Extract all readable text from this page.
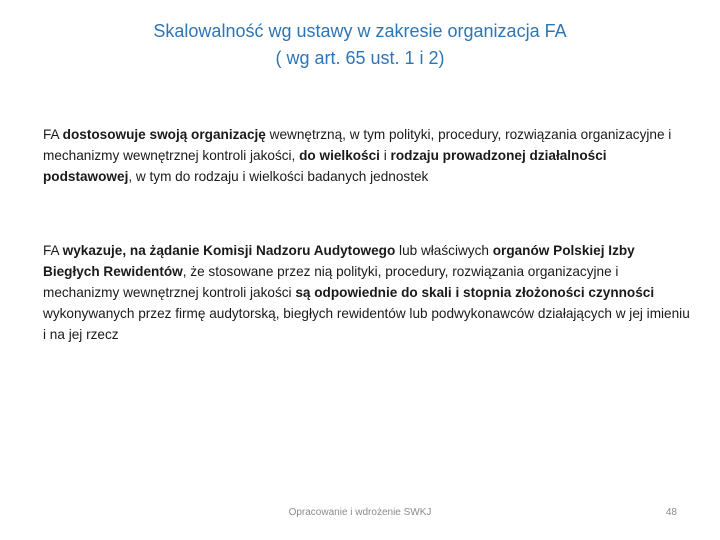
Skalowalność wg ustawy w zakresie organizacja FA
( wg art. 65 ust. 1 i 2)
FA dostosowuje swoją organizację wewnętrzną, w tym polityki, procedury, rozwiązania organizacyjne i mechanizmy wewnętrznej kontroli jakości, do wielkości i rodzaju prowadzonej działalności podstawowej, w tym do rodzaju i wielkości badanych jednostek
FA wykazuje, na żądanie Komisji Nadzoru Audytowego lub właściwych organów Polskiej Izby Biegłych Rewidentów, że stosowane przez nią polityki, procedury, rozwiązania organizacyjne i mechanizmy wewnętrznej kontroli jakości są odpowiednie do skali i stopnia złożoności czynności wykonywanych przez firmę audytorską, biegłych rewidentów lub podwykonawców działających w jej imieniu i na jej rzecz
Opracowanie i wdrożenie SWKJ	48
